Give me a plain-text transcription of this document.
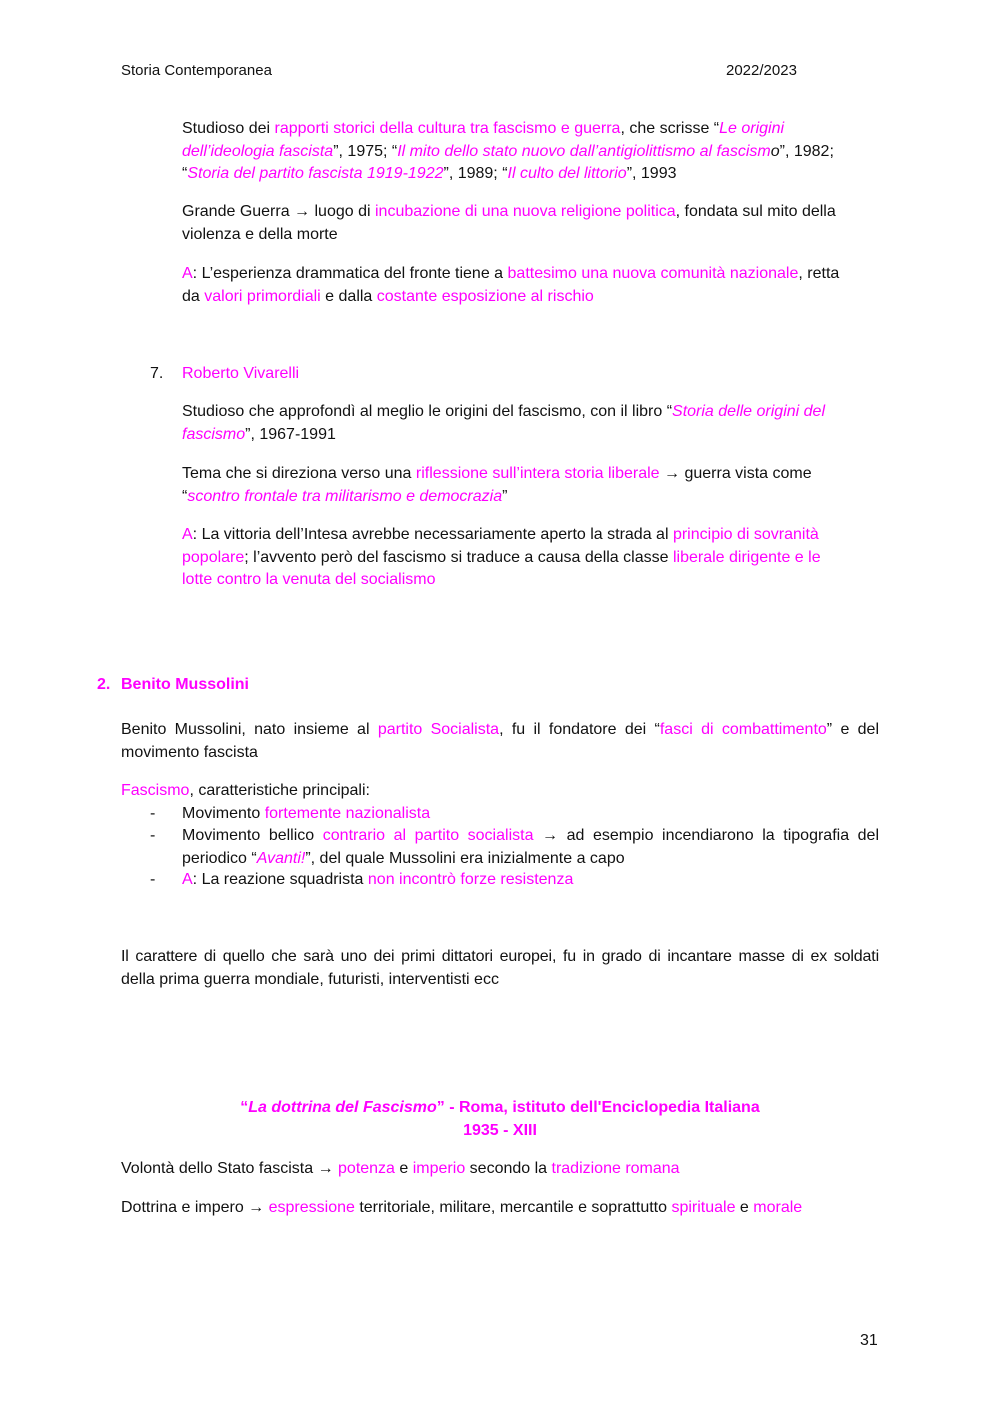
Storia Contemporanea	2022/2023
Studioso dei rapporti storici della cultura tra fascismo e guerra, che scrisse “Le origini
dell’ideologia fascista”, 1975; “Il mito dello stato nuovo dall’antigiolittismo al fascismo”, 1982;
“Storia del partito fascista 1919-1922”, 1989; “Il culto del littorio”, 1993
Grande Guerra → luogo di incubazione di una nuova religione politica, fondata sul mito della
violenza e della morte
A: L’esperienza drammatica del fronte tiene a battesimo una nuova comunità nazionale, retta
da valori primordiali e dalla costante esposizione al rischio
7. Roberto Vivarelli
Studioso che approfondì al meglio le origini del fascismo, con il libro “Storia delle origini del
fascismo”, 1967-1991
Tema che si direziona verso una riflessione sull’intera storia liberale → guerra vista come
“scontro frontale tra militarismo e democrazia”
A: La vittoria dell’Intesa avrebbe necessariamente aperto la strada al principio di sovranità
popolare; l’avvento però del fascismo si traduce a causa della classe liberale dirigente e le
lotte contro la venuta del socialismo
2. Benito Mussolini
Benito Mussolini, nato insieme al partito Socialista, fu il fondatore dei “fasci di combattimento” e del
movimento fascista
Fascismo, caratteristiche principali:
- Movimento fortemente nazionalista
- Movimento bellico contrario al partito socialista → ad esempio incendiarono la tipografia del
periodico “Avanti!”, del quale Mussolini era inizialmente a capo
- A: La reazione squadrista non incontrò forze resistenza
Il carattere di quello che sarà uno dei primi dittatori europei, fu in grado di incantare masse di ex soldati
della prima guerra mondiale, futuristi, interventisti ecc
“La dottrina del Fascismo” - Roma, istituto dell'Enciclopedia Italiana
1935 - XIII
Volontà dello Stato fascista → potenza e imperio secondo la tradizione romana
Dottrina e impero → espressione territoriale, militare, mercantile e soprattutto spirituale e morale
31
